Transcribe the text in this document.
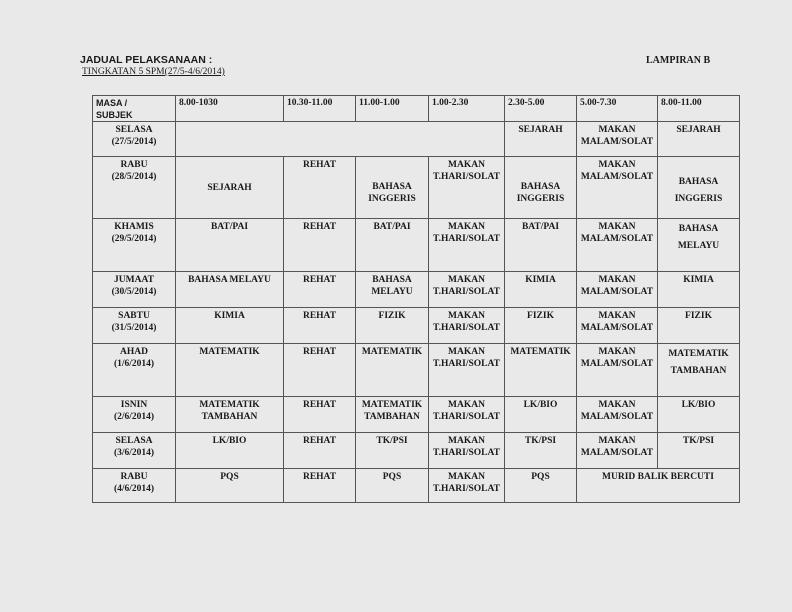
JADUAL PELAKSANAAN :
TINGKATAN 5 SPM(27/5-4/6/2014)
LAMPIRAN B
MASA /
SUBJEK	8.00-1030	10.30-11.00	11.00-1.00	1.00-2.30	2.30-5.00	5.00-7.30	8.00-11.00
SELASA
(27/5/2014)					SEJARAH	MAKAN
MALAM/SOLAT	SEJARAH
RABU
(28/5/2014)	SEJARAH	REHAT	BAHASA
INGGERIS	MAKAN
T.HARI/SOLAT	BAHASA
INGGERIS	MAKAN
MALAM/SOLAT	BAHASA
INGGERIS
KHAMIS
(29/5/2014)	BAT/PAI	REHAT	BAT/PAI	MAKAN
T.HARI/SOLAT	BAT/PAI	MAKAN
MALAM/SOLAT	BAHASA
MELAYU
JUMAAT
(30/5/2014)	BAHASA MELAYU	REHAT	BAHASA
MELAYU	MAKAN
T.HARI/SOLAT	KIMIA	MAKAN
MALAM/SOLAT	KIMIA
SABTU
(31/5/2014)	KIMIA	REHAT	FIZIK	MAKAN
T.HARI/SOLAT	FIZIK	MAKAN
MALAM/SOLAT	FIZIK
AHAD
(1/6/2014)	MATEMATIK	REHAT	MATEMATIK	MAKAN
T.HARI/SOLAT	MATEMATIK	MAKAN
MALAM/SOLAT	MATEMATIK
TAMBAHAN
ISNIN
(2/6/2014)	MATEMATIK
TAMBAHAN	REHAT	MATEMATIK
TAMBAHAN	MAKAN
T.HARI/SOLAT	LK/BIO	MAKAN
MALAM/SOLAT	LK/BIO
SELASA
(3/6/2014)	LK/BIO	REHAT	TK/PSI	MAKAN
T.HARI/SOLAT	TK/PSI	MAKAN
MALAM/SOLAT	TK/PSI
RABU
(4/6/2014)	PQS	REHAT	PQS	MAKAN
T.HARI/SOLAT	PQS	MURID BALIK BERCUTI	
